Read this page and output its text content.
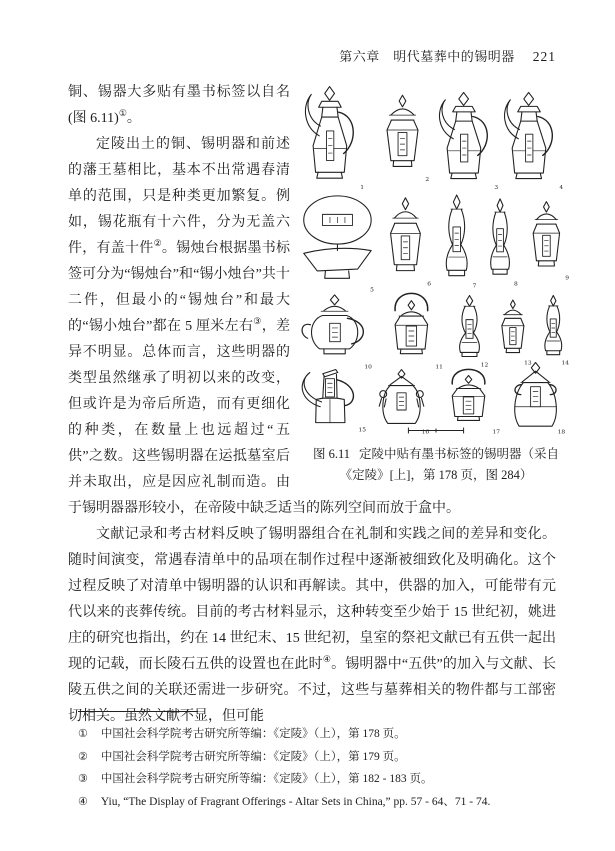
第六章　明代墓葬中的锡明器 221
1
2
3	4
5
6	7	8
9
10	11	12	13	14
15	16	17	18
图 6.11 定陵中贴有墨书标签的锡明器（采自《定陵》[上]，第 178 页，图 284）

铜、锡器大多贴有墨书标签以自名(图 6.11)①。

定陵出土的铜、锡明器和前述的藩王墓相比，基本不出常遇春清单的范围，只是种类更加繁复。例如，锡花瓶有十六件，分为无盖六件，有盖十件②。锡烛台根据墨书标签可分为“锡烛台”和“锡小烛台”共十二件，但最小的“锡烛台”和最大的“锡小烛台”都在 5 厘米左右③，差异不明显。总体而言，这些明器的类型虽然继承了明初以来的改变，但或许是为帝后所造，而有更细化的种类，在数量上也远超过“五供”之数。这些锡明器在运抵墓室后并未取出，应是因应礼制而造。由于锡明器器形较小，在帝陵中缺乏适当的陈列空间而放于盒中。

文献记录和考古材料反映了锡明器组合在礼制和实践之间的差异和变化。随时间演变，常遇春清单中的品项在制作过程中逐渐被细致化及明确化。这个过程反映了对清单中锡明器的认识和再解读。其中，供器的加入，可能带有元代以来的丧葬传统。目前的考古材料显示，这种转变至少始于 15 世纪初，姚进庄的研究也指出，约在 14 世纪末、15 世纪初，皇室的祭祀文献已有五供一起出现的记载，而长陵石五供的设置也在此时④。锡明器中“五供”的加入与文献、长陵五供之间的关联还需进一步研究。不过，这些与墓葬相关的物件都与工部密切相关。虽然文献不显，但可能

① 中国社会科学院考古研究所等编：《定陵》（上），第 178 页。
② 中国社会科学院考古研究所等编：《定陵》（上），第 179 页。
③ 中国社会科学院考古研究所等编：《定陵》（上），第 182 - 183 页。
④ Yiu, “The Display of Fragrant Offerings - Altar Sets in China,” pp. 57 - 64、71 - 74.
